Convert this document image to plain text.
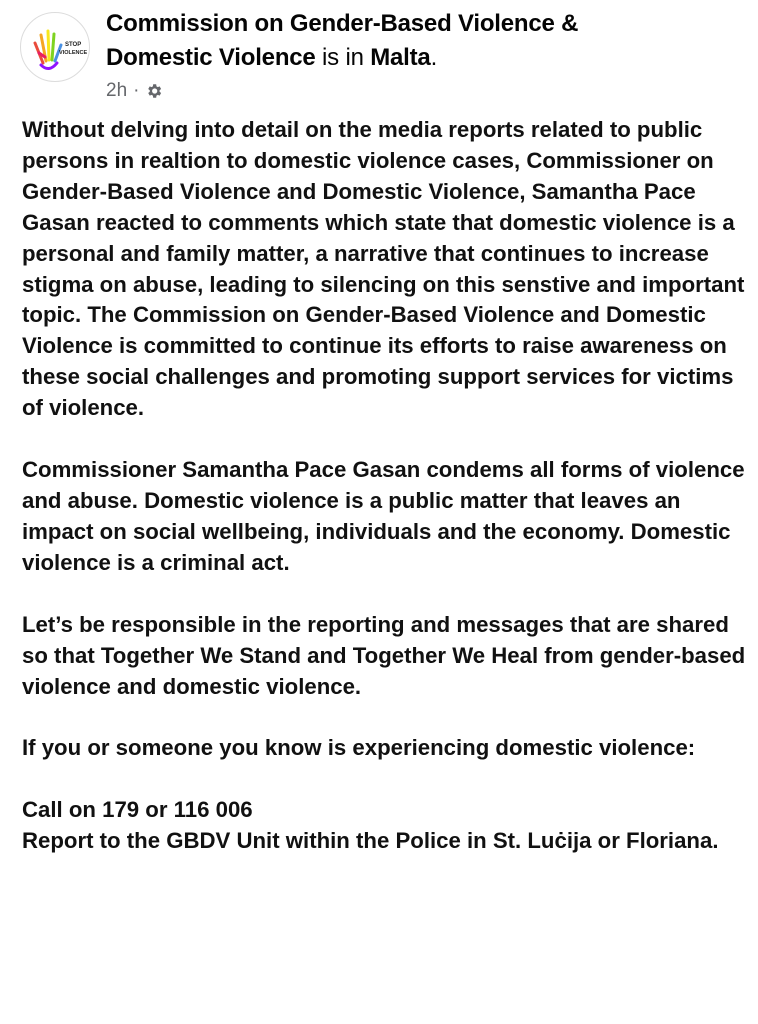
STOP
VIOLENCE
Commission on Gender-Based Violence &
Domestic Violence is in Malta.
2h ·

Without delving into detail on the media reports related to public persons in realtion to domestic violence cases, Commissioner on Gender-Based Violence and Domestic Violence, Samantha Pace Gasan reacted to comments which state that domestic violence is a personal and family matter, a narrative that continues to increase stigma on abuse, leading to silencing on this senstive and important topic. The Commission on Gender-Based Violence and Domestic Violence is committed to continue its efforts to raise awareness on these social challenges and promoting support services for victims of violence.

Commissioner Samantha Pace Gasan condems all forms of violence and abuse. Domestic violence is a public matter that leaves an impact on social wellbeing, individuals and the economy. Domestic violence is a criminal act.

Let’s be responsible in the reporting and messages that are shared so that Together We Stand and Together We Heal from gender-based violence and domestic violence.

If you or someone you know is experiencing domestic violence:

Call on 179 or 116 006
Report to the GBDV Unit within the Police in St. Luċija or Floriana.
